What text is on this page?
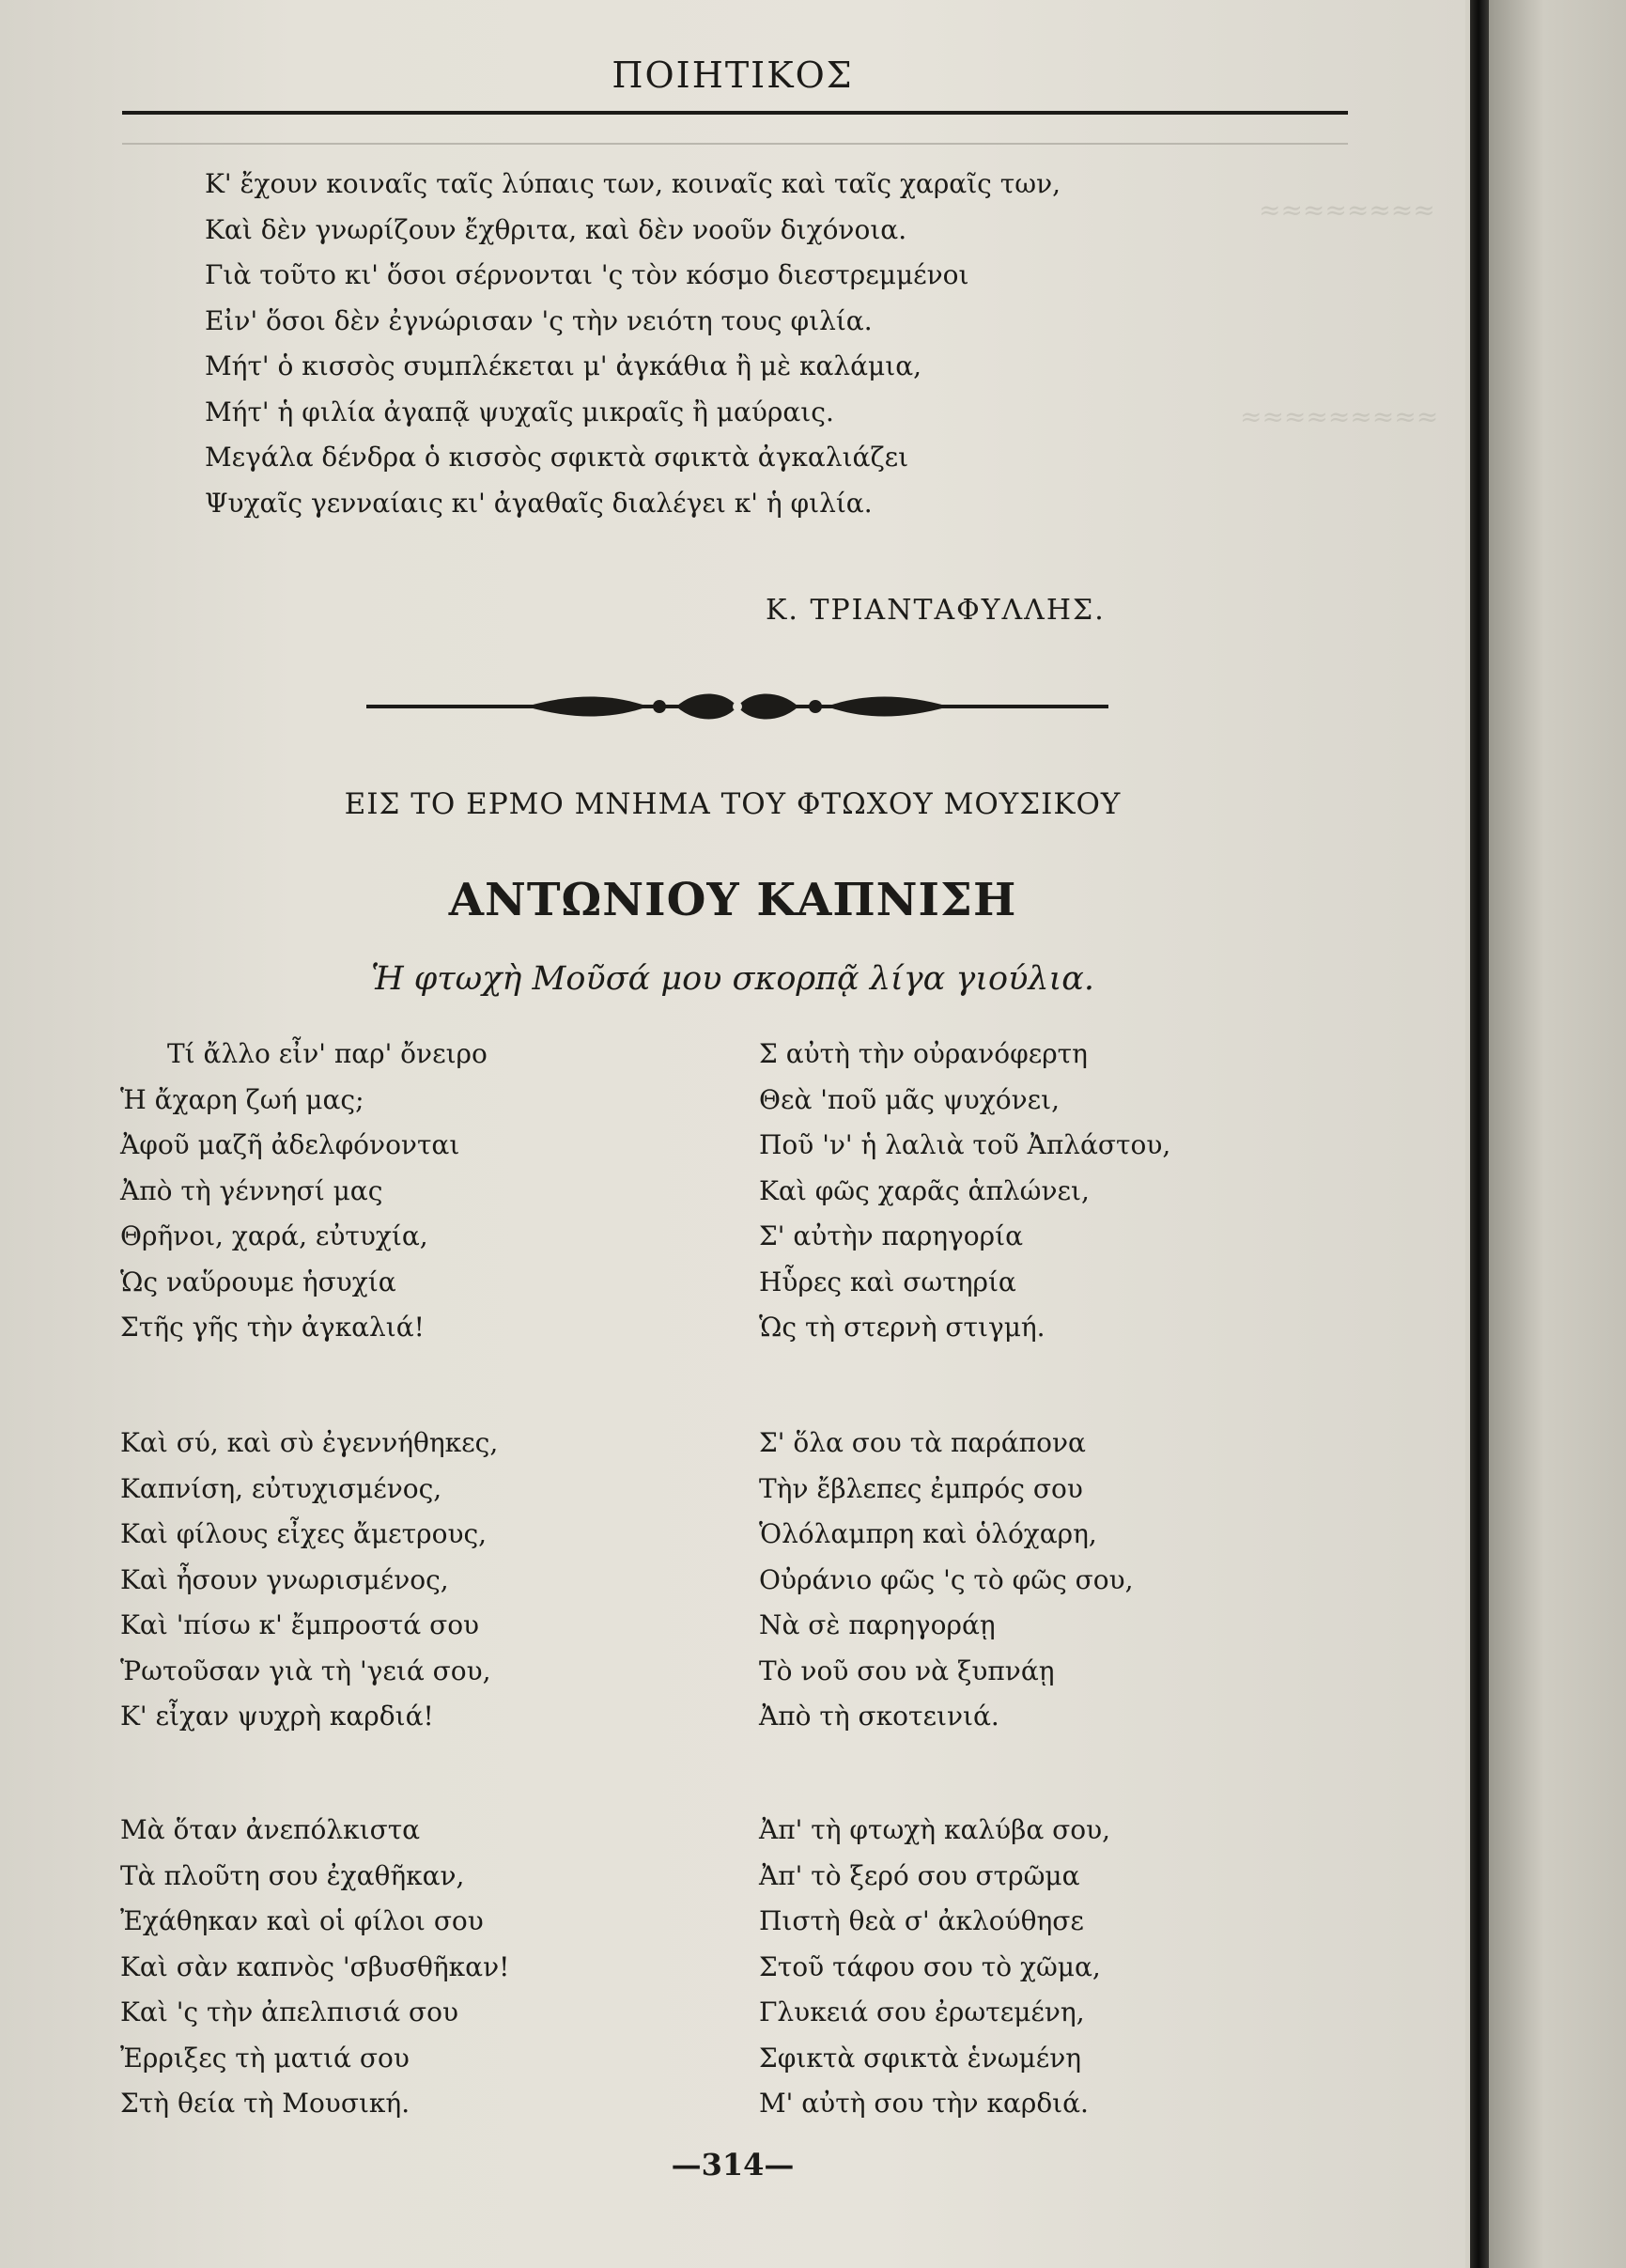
≈≈≈≈≈≈≈≈
≈≈≈≈≈≈≈≈≈
ΠΟΙΗΤΙΚΟΣ
Κ' ἔχουν κοιναῖς ταῖς λύπαις των, κοιναῖς καὶ ταῖς χαραῖς των,
Καὶ δὲν γνωρίζουν ἔχθριτα, καὶ δὲν νοοῦν διχόνοια.
Γιὰ τοῦτο κι' ὅσοι σέρνονται 'ς τὸν κόσμο διεστρεμμένοι
Εἰν' ὅσοι δὲν ἐγνώρισαν 'ς τὴν νειότη τους φιλία.
Μήτ' ὁ κισσὸς συμπλέκεται μ' ἀγκάθια ἢ μὲ καλάμια,
Μήτ' ἡ φιλία ἀγαπᾷ ψυχαῖς μικραῖς ἢ μαύραις.
Μεγάλα δένδρα ὁ κισσὸς σφικτὰ σφικτὰ ἀγκαλιάζει
Ψυχαῖς γενναίαις κι' ἀγαθαῖς διαλέγει κ' ἡ φιλία.
Κ. ΤΡΙΑΝΤΑΦΥΛΛΗΣ.
ΕΙΣ ΤΟ ΕΡΜΟ ΜΝΗΜΑ ΤΟΥ ΦΤΩΧΟΥ ΜΟΥΣΙΚΟΥ
ΑΝΤΩΝΙΟΥ ΚΑΠΝΙΣΗ
Ἡ φτωχὴ Μοῦσά μου σκορπᾷ λίγα γιούλια.
Τί ἄλλο εἶν' παρ' ὄνειρο
Ἡ ἄχαρη ζωή μας;
Ἀφοῦ μαζῆ ἀδελφόνονται
Ἀπὸ τὴ γέννησί μας
Θρῆνοι, χαρά, εὐτυχία,
Ὡς ναὕρουμε ἡσυχία
Στῆς γῆς τὴν ἀγκαλιά!
Καὶ σύ, καὶ σὺ ἐγεννήθηκες,
Καπνίση, εὐτυχισμένος,
Καὶ φίλους εἶχες ἄμετρους,
Καὶ ἦσουν γνωρισμένος,
Καὶ 'πίσω κ' ἔμπροστά σου
Ῥωτοῦσαν γιὰ τὴ 'γειά σου,
Κ' εἶχαν ψυχρὴ καρδιά!
Μὰ ὅταν ἀνεπόλκιστα
Τὰ πλοῦτη σου ἐχαθῆκαν,
Ἐχάθηκαν καὶ οἱ φίλοι σου
Καὶ σὰν καπνὸς 'σβυσθῆκαν!
Καὶ 'ς τὴν ἀπελπισιά σου
Ἐρριξες τὴ ματιά σου
Στὴ θεία τὴ Μουσική.
Σ αὐτὴ τὴν οὐρανόφερτη
Θεὰ 'ποῦ μᾶς ψυχόνει,
Ποῦ 'ν' ἡ λαλιὰ τοῦ Ἀπλάστου,
Καὶ φῶς χαρᾶς ἁπλώνει,
Σ' αὐτὴν παρηγορία
Ηὗρες καὶ σωτηρία
Ὡς τὴ στερνὴ στιγμή.
Σ' ὅλα σου τὰ παράπονα
Τὴν ἔβλεπες ἐμπρός σου
Ὁλόλαμπρη καὶ ὁλόχαρη,
Οὐράνιο φῶς 'ς τὸ φῶς σου,
Νὰ σὲ παρηγοράῃ
Τὸ νοῦ σου νὰ ξυπνάῃ
Ἀπὸ τὴ σκοτεινιά.
Ἀπ' τὴ φτωχὴ καλύβα σου,
Ἀπ' τὸ ξερό σου στρῶμα
Πιστὴ θεὰ σ' ἀκλούθησε
Στοῦ τάφου σου τὸ χῶμα,
Γλυκειά σου ἐρωτεμένη,
Σφικτὰ σφικτὰ ἑνωμένη
Μ' αὐτὴ σου τὴν καρδιά.
—314—
